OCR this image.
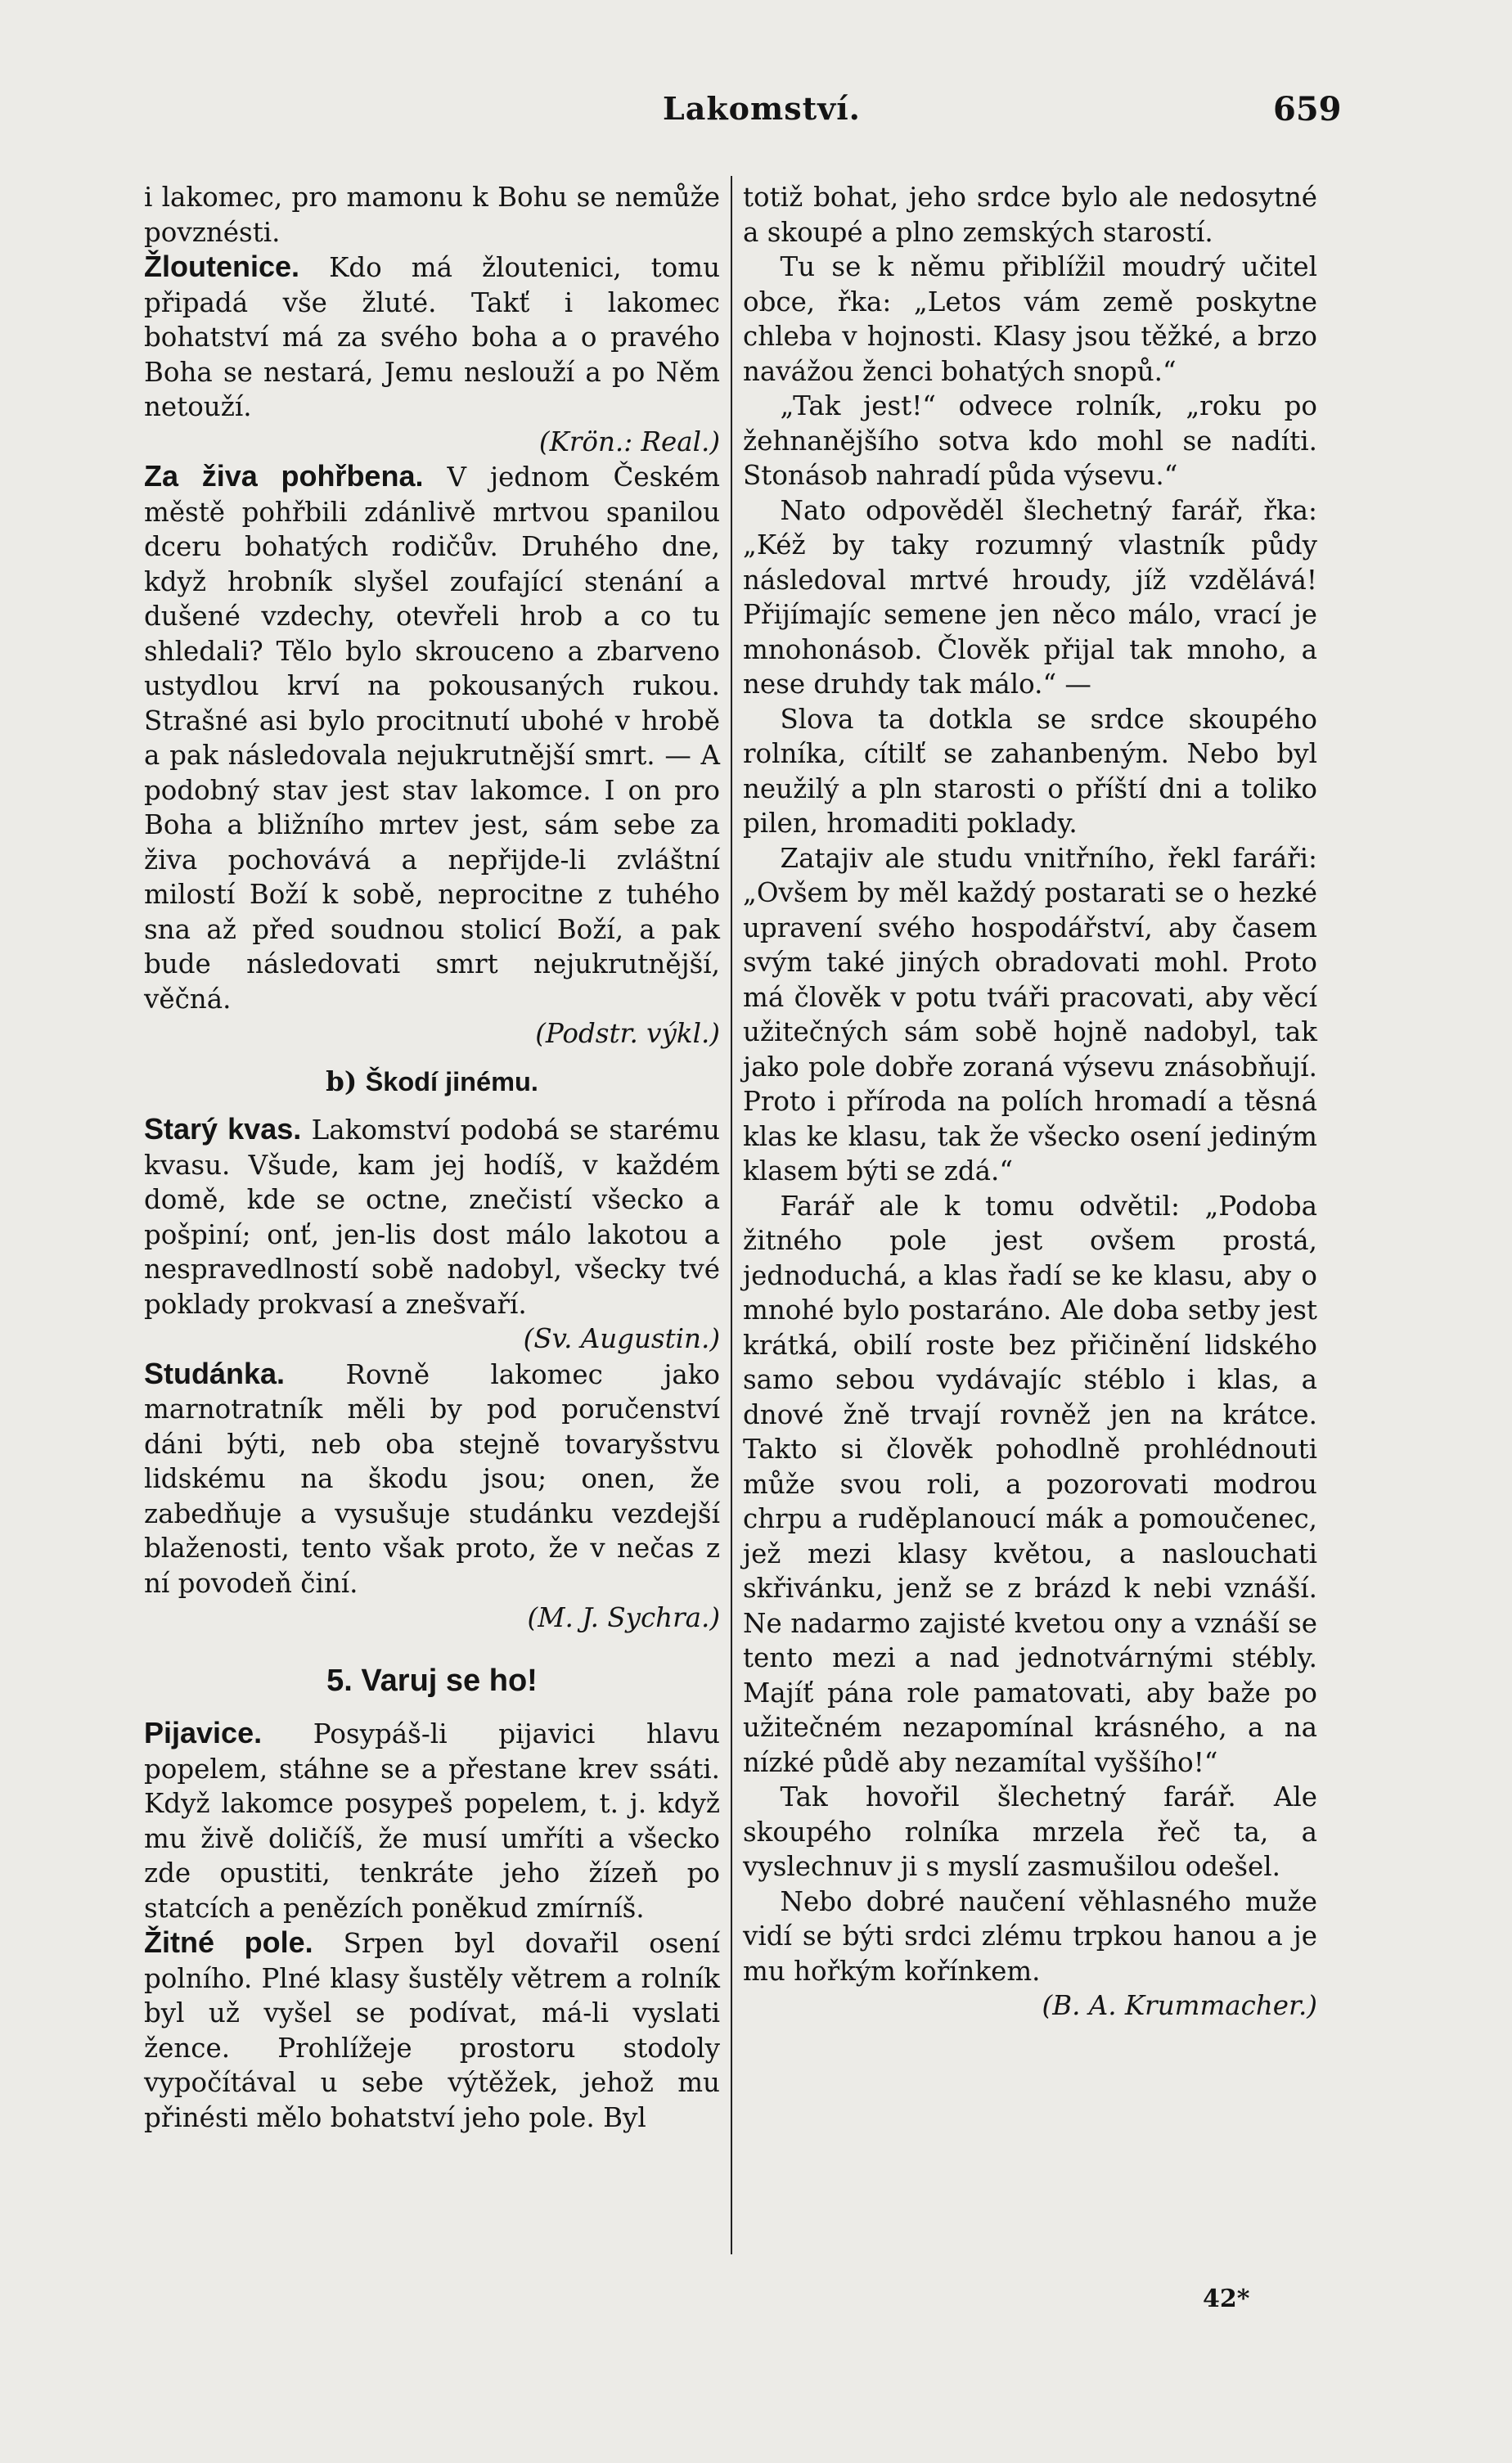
Lakomství.	659

i lakomec, pro mamonu k Bohu se nemůže povznésti.

Žloutenice. Kdo má žloutenici, tomu připadá vše žluté. Takť i lakomec bohatství má za svého boha a o pravého Boha se nestará, Jemu neslouží a po Něm netouží.
(Krön.: Real.)

Za živa pohřbena. V jednom Českém městě pohřbili zdánlivě mrtvou spanilou dceru bohatých rodičův. Druhého dne, když hrobník slyšel zoufající stenání a dušené vzdechy, otevřeli hrob a co tu shledali? Tělo bylo skrouceno a zbarveno ustydlou krví na pokousaných rukou. Strašné asi bylo procitnutí ubohé v hrobě a pak následovala nejukrutnější smrt. — A podobný stav jest stav lakomce. I on pro Boha a bližního mrtev jest, sám sebe za živa pochovává a nepřijde-li zvláštní milostí Boží k sobě, neprocitne z tuhého sna až před soudnou stolicí Boží, a pak bude následovati smrt nejukrutnější, věčná.
(Podstr. výkl.)

b) Škodí jinému.

Starý kvas. Lakomství podobá se starému kvasu. Všude, kam jej hodíš, v každém domě, kde se octne, znečistí všecko a pošpiní; onť, jen-lis dost málo lakotou a nespravedlností sobě nadobyl, všecky tvé poklady prokvasí a znešvaří.
(Sv. Augustin.)

Studánka. Rovně lakomec jako marnotratník měli by pod poručenství dáni býti, neb oba stejně tovaryšstvu lidskému na škodu jsou; onen, že zabedňuje a vysušuje studánku vezdejší blaženosti, tento však proto, že v nečas z ní povodeň činí.
(M. J. Sychra.)

5. Varuj se ho!

Pijavice. Posypáš-li pijavici hlavu popelem, stáhne se a přestane krev ssáti. Když lakomce posypeš popelem, t. j. když mu živě doličíš, že musí umříti a všecko zde opustiti, tenkráte jeho žízeň po statcích a penězích poněkud zmírníš.

Žitné pole. Srpen byl dovařil osení polního. Plné klasy šustěly větrem a rolník byl už vyšel se podívat, má-li vyslati žence. Prohlížeje prostoru stodoly vypočítával u sebe výtěžek, jehož mu přinésti mělo bohatství jeho pole. Byl

totiž bohat, jeho srdce bylo ale nedosytné a skoupé a plno zemských starostí.

Tu se k němu přiblížil moudrý učitel obce, řka: „Letos vám země poskytne chleba v hojnosti. Klasy jsou těžké, a brzo navážou ženci bohatých snopů.“

„Tak jest!“ odvece rolník, „roku po žehnanějšího sotva kdo mohl se nadíti. Stonásob nahradí půda výsevu.“

Nato odpověděl šlechetný farář, řka: „Kéž by taky rozumný vlastník půdy následoval mrtvé hroudy, jíž vzdělává! Přijímajíc semene jen něco málo, vrací je mnohonásob. Člověk přijal tak mnoho, a nese druhdy tak málo.“ —

Slova ta dotkla se srdce skoupého rolníka, cítilť se zahanbeným. Nebo byl neužilý a pln starosti o příští dni a toliko pilen, hromaditi poklady.

Zatajiv ale studu vnitřního, řekl faráři: „Ovšem by měl každý postarati se o hezké upravení svého hospodářství, aby časem svým také jiných obradovati mohl. Proto má člověk v potu tváři pracovati, aby věcí užitečných sám sobě hojně nadobyl, tak jako pole dobře zoraná výsevu znásobňují. Proto i příroda na polích hromadí a těsná klas ke klasu, tak že všecko osení jediným klasem býti se zdá.“

Farář ale k tomu odvětil: „Podoba žitného pole jest ovšem prostá, jednoduchá, a klas řadí se ke klasu, aby o mnohé bylo postaráno. Ale doba setby jest krátká, obilí roste bez přičinění lidského samo sebou vydávajíc stéblo i klas, a dnové žně trvají rovněž jen na krátce. Takto si člověk pohodlně prohlédnouti může svou roli, a pozorovati modrou chrpu a ruděplanoucí mák a pomoučenec, jež mezi klasy květou, a naslouchati skřivánku, jenž se z brázd k nebi vznáší. Ne nadarmo zajisté kvetou ony a vznáší se tento mezi a nad jednotvárnými stébly. Majíť pána role pamatovati, aby baže po užitečném nezapomínal krásného, a na nízké půdě aby nezamítal vyššího!“

Tak hovořil šlechetný farář. Ale skoupého rolníka mrzela řeč ta, a vyslechnuv ji s myslí zasmušilou odešel.

Nebo dobré naučení věhlasného muže vidí se býti srdci zlému trpkou hanou a je mu hořkým kořínkem.

(B. A. Krummacher.)

42*
